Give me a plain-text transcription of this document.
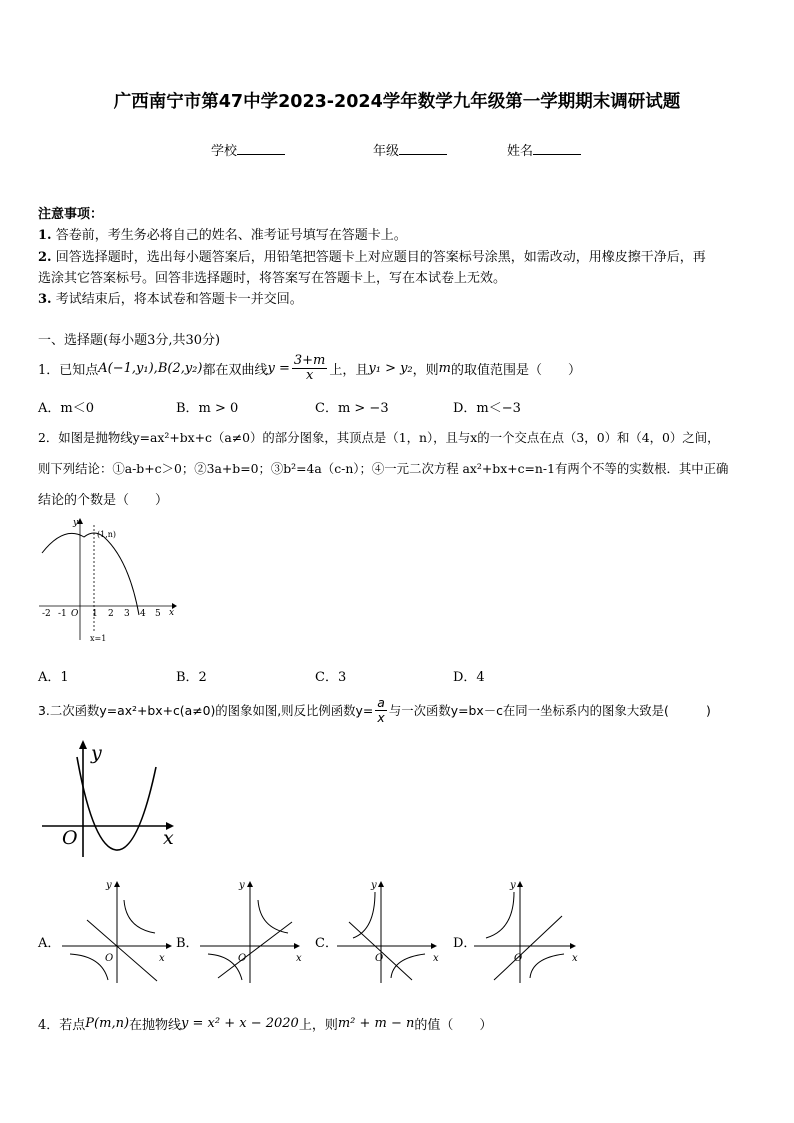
广西南宁市第47中学2023-2024学年数学九年级第一学期期末调研试题
学校	年级	姓名
注意事项：
1. 答卷前，考生务必将自己的姓名、准考证号填写在答题卡上。
2. 回答选择题时，选出每小题答案后，用铅笔把答题卡上对应题目的答案标号涂黑，如需改动，用橡皮擦干净后，再
选涂其它答案标号。回答非选择题时，将答案写在答题卡上，写在本试卷上无效。
3. 考试结束后，将本试卷和答题卡一并交回。
一、选择题(每小题3分,共30分)
1． 已知点 A(−1,y₁),B(2,y₂) 都在双曲线 $y = \frac{3+m}{x}$ 上，且 y₁ > y₂ ，则 m 的取值范围是（　　）
A．m＜0	B．m > 0	C．m > −3	D．m＜−3
2．如图是抛物线y=ax²+bx+c（a≠0）的部分图象，其顶点是（1，n），且与x的一个交点在点（3，0）和（4，0）之间，
则下列结论：①a-b+c＞0；②3a+b=0；③b²=4a（c-n）；④一元二次方程 ax²+bx+c=n-1有两个不等的实数根．其中正确
结论的个数是（　　）
y
x
(1,n)
x=1
O
-2 -1	1 2 3 4 5
A．1	B．2	C．3	D．4
3.二次函数y=ax²+bx+c(a≠0)的图象如图,则反比例函数$y= \frac{a}{x}$ 与一次函数y=bx－c在同一坐标系内的图象大致是(　　　)
y
x
O
A．
y
x
O
B．
y
x
O
C．
y
x
O
D．
y
x
O
4． 若点 P(m,n) 在抛物线 y = x² + x − 2020 上，则 m² + m − n 的值（　　）
